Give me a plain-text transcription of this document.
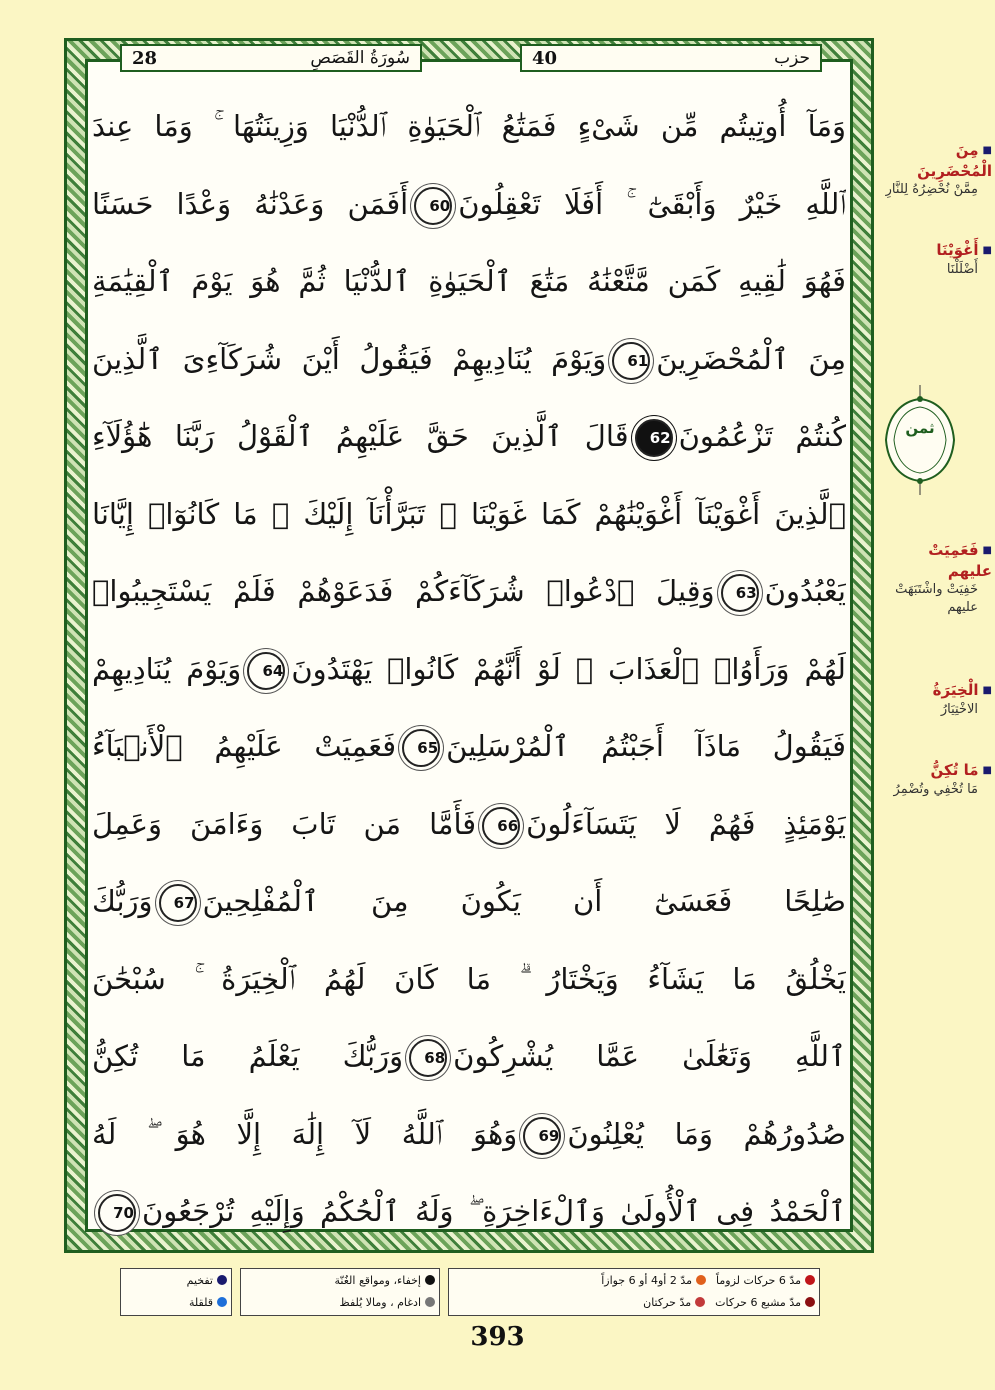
28	سُورَةُ القَصَصِ	40	حزب
وَمَآ أُوتِيتُم مِّن شَىْءٍ فَمَتَٰعُ ٱلْحَيَوٰةِ ٱلدُّنْيَا وَزِينَتُهَا ۚ وَمَا عِندَ
ٱللَّهِ خَيْرٌ وَأَبْقَىٰٓ ۚ أَفَلَا تَعْقِلُونَ60أَفَمَن وَعَدْنَٰهُ وَعْدًا حَسَنًا
فَهُوَ لَٰقِيهِ كَمَن مَّتَّعْنَٰهُ مَتَٰعَ ٱلْحَيَوٰةِ ٱلدُّنْيَا ثُمَّ هُوَ يَوْمَ ٱلْقِيَٰمَةِ
مِنَ ٱلْمُحْضَرِينَ61وَيَوْمَ يُنَادِيهِمْ فَيَقُولُ أَيْنَ شُرَكَآءِىَ ٱلَّذِينَ
كُنتُمْ تَزْعُمُونَ62قَالَ ٱلَّذِينَ حَقَّ عَلَيْهِمُ ٱلْقَوْلُ رَبَّنَا هَٰٓؤُلَآءِ
ٱلَّذِينَ أَغْوَيْنَآ أَغْوَيْنَٰهُمْ كَمَا غَوَيْنَا ۖ تَبَرَّأْنَآ إِلَيْكَ ۖ مَا كَانُوٓا۟ إِيَّانَا
يَعْبُدُونَ63وَقِيلَ ٱدْعُوا۟ شُرَكَآءَكُمْ فَدَعَوْهُمْ فَلَمْ يَسْتَجِيبُوا۟
لَهُمْ وَرَأَوُا۟ ٱلْعَذَابَ ۚ لَوْ أَنَّهُمْ كَانُوا۟ يَهْتَدُونَ64وَيَوْمَ يُنَادِيهِمْ
فَيَقُولُ مَاذَآ أَجَبْتُمُ ٱلْمُرْسَلِينَ65فَعَمِيَتْ عَلَيْهِمُ ٱلْأَنۢبَآءُ
يَوْمَئِذٍ فَهُمْ لَا يَتَسَآءَلُونَ66فَأَمَّا مَن تَابَ وَءَامَنَ وَعَمِلَ
صَٰلِحًا فَعَسَىٰٓ أَن يَكُونَ مِنَ ٱلْمُفْلِحِينَ67وَرَبُّكَ
يَخْلُقُ مَا يَشَآءُ وَيَخْتَارُ ۗ مَا كَانَ لَهُمُ ٱلْخِيَرَةُ ۚ سُبْحَٰنَ
ٱللَّهِ وَتَعَٰلَىٰ عَمَّا يُشْرِكُونَ68وَرَبُّكَ يَعْلَمُ مَا تُكِنُّ
صُدُورُهُمْ وَمَا يُعْلِنُونَ69وَهُوَ ٱللَّهُ لَآ إِلَٰهَ إِلَّا هُوَ ۖ لَهُ
ٱلْحَمْدُ فِى ٱلْأُولَىٰ وَٱلْءَاخِرَةِ ۖ وَلَهُ ٱلْحُكْمُ وَإِلَيْهِ تُرْجَعُونَ70
■ مِنَ الْمُحْضَرِينَ
مِمَّنْ نُحْضِرُهُ لِلنَّارِ
■ أَغْوَيْنَا
أَضْلَلْنَا
■ فَعَمِيَتْ عليهم
خَفِيَتْ واشْتَبَهَتْ عليهم
■ الْخِيَرَةُ
الاخْتِيَارُ
■ مَا تُكِنُّ
مَا تُخْفِي وتُضْمِرُ
ثمن
تفخيم
قلقلة
إخفاء، ومواقع الغُنّة
ادغام ، ومالا يُلفظ
مدّ 6 حركات لزوماً
مدّ 2 أو4 أو 6 جوازاً
مدّ مشبع 6 حركات
مدّ حركتان
393
